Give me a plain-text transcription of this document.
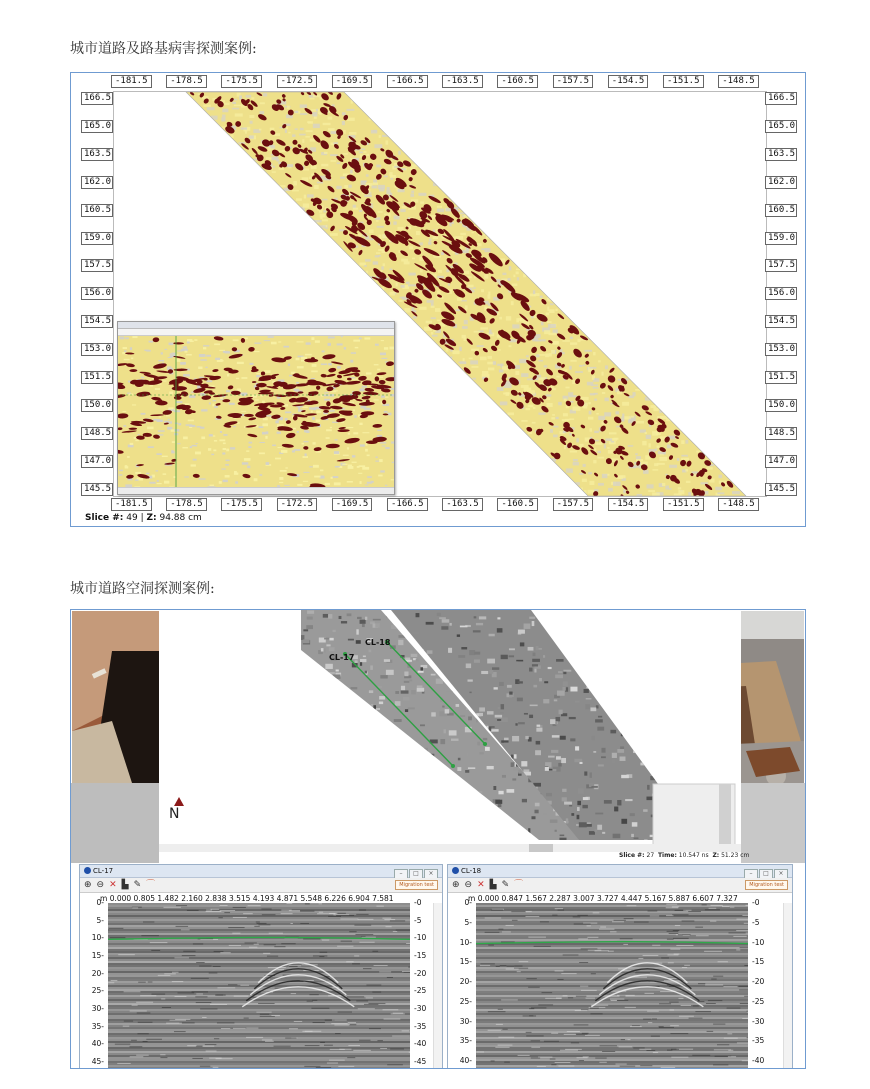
城市道路及路基病害探测案例:
城市道路空洞探测案例:
Slice #: 49 | Z: 94.88 cm
-181.5
-181.5
-178.5
-178.5
-175.5
-175.5
-172.5
-172.5
-169.5
-169.5
-166.5
-166.5
-163.5
-163.5
-160.5
-160.5
-157.5
-157.5
-154.5
-154.5
-151.5
-151.5
-148.5
-148.5
166.5	166.5
165.0	165.0
163.5	163.5
162.0	162.0
160.5	160.5
159.0	159.0
157.5	157.5
156.0	156.0
154.5	154.5
153.0	153.0
151.5	151.5
150.0	150.0
148.5	148.5
147.0	147.0
145.5	145.5
CL-17
CL-18
N
Slice #: 27 Time: 10.547 ns Z: 51.23 cm
CL-17	– □ ×
⊕ ⊖ ✕ ▙ ✎ ⌒	Migration test
m 0.000 0.805 1.482 2.160 2.838 3.515 4.193 4.871 5.548 6.226 6.904 7.581
0-
5-
10-
15-
20-
25-
30-
35-
40-
45-
-0
-5
-10
-15
-20
-25
-30
-35
-40
-45
CL-18	– □ ×
⊕ ⊖ ✕ ▙ ✎ ⌒	Migration test
m 0.000 0.847 1.567 2.287 3.007 3.727 4.447 5.167 5.887 6.607 7.327
0-
5-
10-
15-
20-
25-
30-
35-
40-
-0
-5
-10
-15
-20
-25
-30
-35
-40
